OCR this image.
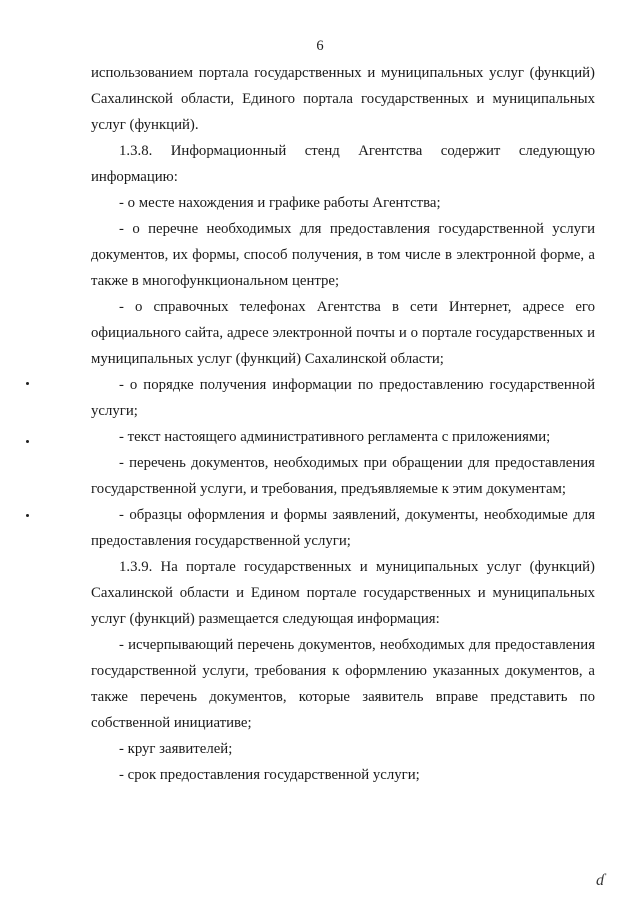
6

использованием портала государственных и муниципальных услуг (функций) Сахалинской области, Единого портала государственных и муниципальных услуг (функций).

1.3.8. Информационный стенд Агентства содержит следующую информацию:

- о месте нахождения и графике работы Агентства;

- о перечне необходимых для предоставления государственной услуги документов, их формы, способ получения, в том числе в электронной форме, а также в многофункциональном центре;

- о справочных телефонах Агентства в сети Интернет, адресе его официального сайта, адресе электронной почты и о портале государственных и муниципальных услуг (функций) Сахалинской области;

- о порядке получения информации по предоставлению государственной услуги;

- текст настоящего административного регламента с приложениями;

- перечень документов, необходимых при обращении для предоставления государственной услуги, и требования, предъявляемые к этим документам;

- образцы оформления и формы заявлений, документы, необходимые для предоставления государственной услуги;

1.3.9. На портале государственных и муниципальных услуг (функций) Сахалинской области и Едином портале государственных и муниципальных услуг (функций) размещается следующая информация:

- исчерпывающий перечень документов, необходимых для предоставления государственной услуги, требования к оформлению указанных документов, а также перечень документов, которые заявитель вправе представить по собственной инициативе;

- круг заявителей;

- срок предоставления государственной услуги;

ɗ
